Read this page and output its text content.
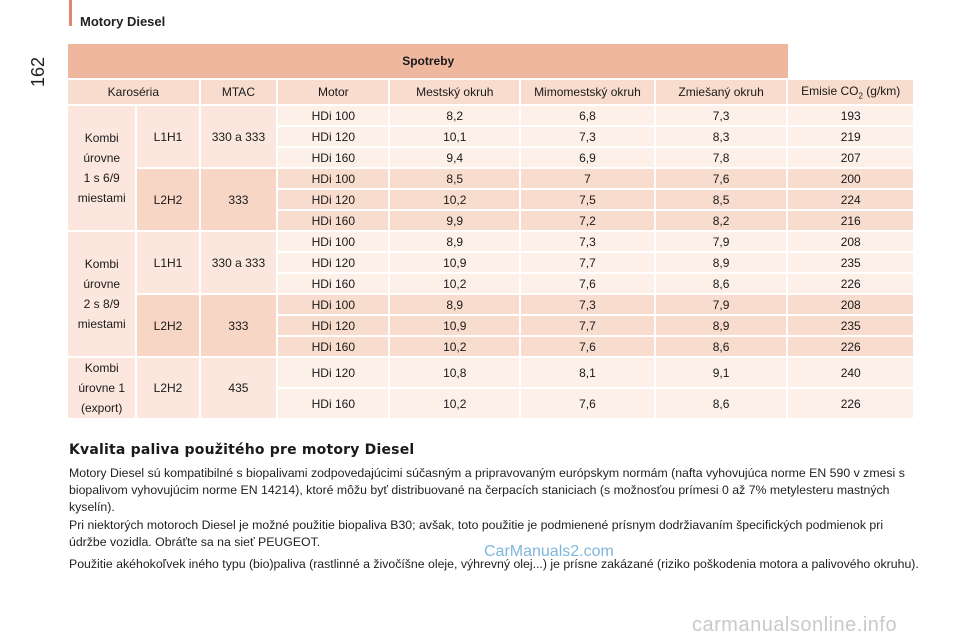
Motory Diesel
162	Spotreby							
Karoséria		MTAC	Motor	Mestský okruh	Mimomestský okruh	Zmiešaný okruh	Emisie $CO_2$ (g/km)

Kombi
úrovne
1 s 6/9
miestami	L1H1	330 a 333	HDi 100	8,2	6,8	7,3	193
			HDi 120	10,1	7,3	8,3	219
			HDi 160	9,4	6,9	7,8	207
	L2H2	333	HDi 100	8,5	7	7,6	200
			HDi 120	10,2	7,5	8,5	224
			HDi 160	9,9	7,2	8,2	216

Kombi
úrovne
2 s 8/9
miestami	L1H1	330 a 333	HDi 100	8,9	7,3	7,9	208
			HDi 120	10,9	7,7	8,9	235
			HDi 160	10,2	7,6	8,6	226
	L2H2	333	HDi 100	8,9	7,3	7,9	208
			HDi 120	10,9	7,7	8,9	235
			HDi 160	10,2	7,6	8,6	226

Kombi
úrovne 1
(export)	L2H2	435	HDi 120	10,8	8,1	9,1	240
			HDi 160	10,2	7,6	8,6	226
Kvalita paliva použitého pre motory Diesel

Motory Diesel sú kompatibilné s biopalivami zodpovedajúcimi súčasným a pripravovaným európskym normám (nafta vyhovujúca norme EN 590 v zmesi s biopalivom vyhovujúcim norme EN 14214), ktoré môžu byť distribuované na čerpacích staniciach (s možnosťou prímesi 0 až 7% metylesteru mastných kyselín).

Pri niektorých motoroch Diesel je možné použitie biopaliva B30; avšak, toto použitie je podmienené prísnym dodržiavaním špecifických podmienok pri údržbe vozidla. Obráťte sa na sieť PEUGEOT.

Použitie akéhokoľvek iného typu (bio)paliva (rastlinné a živočíšne oleje, výhrevný olej...) je prísne zakázané (riziko poškodenia motora a palivového okruhu).

CarManuals2.com
carmanualsonline.info
